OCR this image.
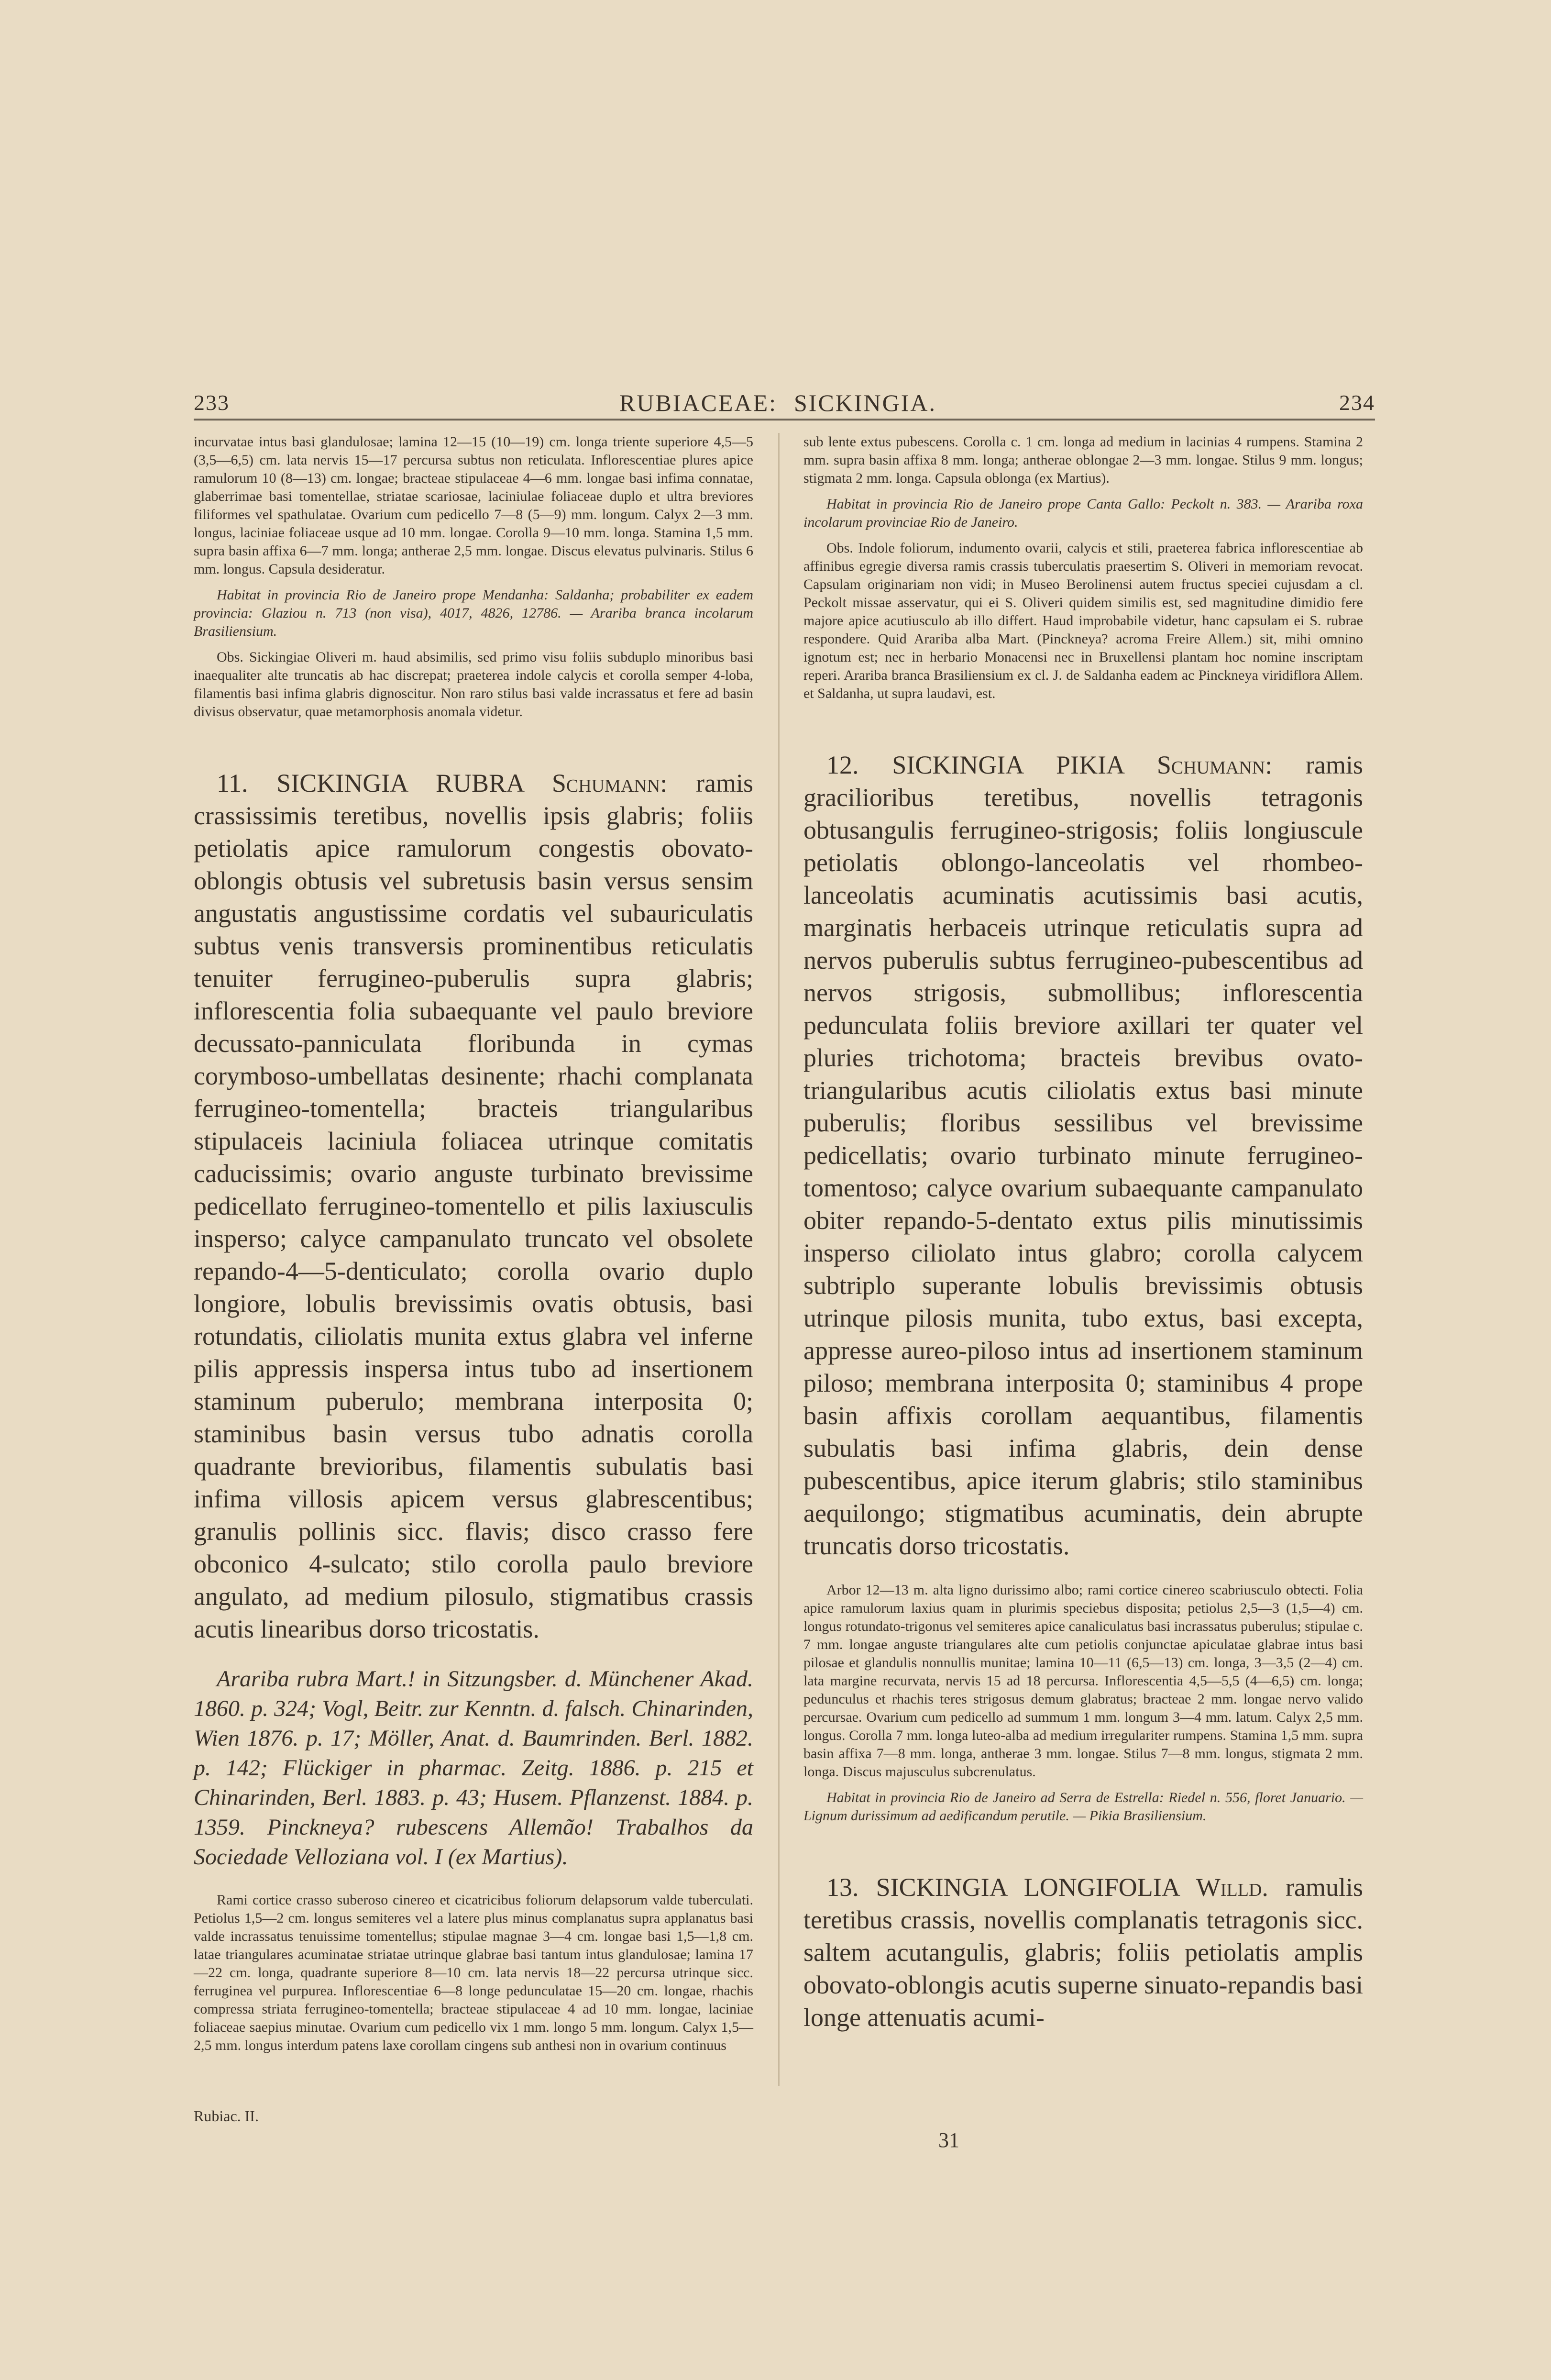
233	RUBIACEAE: SICKINGIA.	234

incurvatae intus basi glandulosae; lamina 12—15 (10—19) cm. longa triente superiore 4,5—5 (3,5—6,5) cm. lata nervis 15—17 percursa subtus non reticulata. Inflorescentiae plures apice ramulorum 10 (8—13) cm. longae; bracteae stipulaceae 4—6 mm. longae basi infima connatae, glaberrimae basi tomentellae, striatae scariosae, laciniulae foliaceae duplo et ultra breviores filiformes vel spathulatae. Ovarium cum pedicello 7—8 (5—9) mm. longum. Calyx 2—3 mm. longus, laciniae foliaceae usque ad 10 mm. longae. Corolla 9—10 mm. longa. Stamina 1,5 mm. supra basin affixa 6—7 mm. longa; antherae 2,5 mm. longae. Discus elevatus pulvinaris. Stilus 6 mm. longus. Capsula desideratur.

Habitat in provincia Rio de Janeiro prope Mendanha: Saldanha; probabiliter ex eadem provincia: Glaziou n. 713 (non visa), 4017, 4826, 12786. — Arariba branca incolarum Brasiliensium.

Obs. Sickingiae Oliveri m. haud absimilis, sed primo visu foliis subduplo minoribus basi inaequaliter alte truncatis ab hac discrepat; praeterea indole calycis et corolla semper 4-loba, filamentis basi infima glabris dignoscitur. Non raro stilus basi valde incrassatus et fere ad basin divisus observatur, quae metamorphosis anomala videtur.

11. SICKINGIA RUBRA Schumann: ramis crassissimis teretibus, novellis ipsis glabris; foliis petiolatis apice ramulorum congestis obovato-oblongis obtusis vel subretusis basin versus sensim angustatis angustissime cordatis vel subauriculatis subtus venis transversis prominentibus reticulatis tenuiter ferrugineo-puberulis supra glabris; inflorescentia folia subaequante vel paulo breviore decussato-panniculata floribunda in cymas corymboso-umbellatas desinente; rhachi complanata ferrugineo-tomentella; bracteis triangularibus stipulaceis laciniula foliacea utrinque comitatis caducissimis; ovario anguste turbinato brevissime pedicellato ferrugineo-tomentello et pilis laxiusculis insperso; calyce campanulato truncato vel obsolete repando-4—5-denticulato; corolla ovario duplo longiore, lobulis brevissimis ovatis obtusis, basi rotundatis, ciliolatis munita extus glabra vel inferne pilis appressis inspersa intus tubo ad insertionem staminum puberulo; membrana interposita 0; staminibus basin versus tubo adnatis corolla quadrante brevioribus, filamentis subulatis basi infima villosis apicem versus glabrescentibus; granulis pollinis sicc. flavis; disco crasso fere obconico 4-sulcato; stilo corolla paulo breviore angulato, ad medium pilosulo, stigmatibus crassis acutis linearibus dorso tricostatis.

Arariba rubra Mart.! in Sitzungsber. d. Münchener Akad. 1860. p. 324; Vogl, Beitr. zur Kenntn. d. falsch. Chinarinden, Wien 1876. p. 17; Möller, Anat. d. Baumrinden. Berl. 1882. p. 142; Flückiger in pharmac. Zeitg. 1886. p. 215 et Chinarinden, Berl. 1883. p. 43; Husem. Pflanzenst. 1884. p. 1359. Pinckneya? rubescens Allemão! Trabalhos da Sociedade Velloziana vol. I (ex Martius).

Rami cortice crasso suberoso cinereo et cicatricibus foliorum delapsorum valde tuberculati. Petiolus 1,5—2 cm. longus semiteres vel a latere plus minus complanatus supra applanatus basi valde incrassatus tenuissime tomentellus; stipulae magnae 3—4 cm. longae basi 1,5—1,8 cm. latae triangulares acuminatae striatae utrinque glabrae basi tantum intus glandulosae; lamina 17—22 cm. longa, quadrante superiore 8—10 cm. lata nervis 18—22 percursa utrinque sicc. ferruginea vel purpurea. Inflorescentiae 6—8 longe pedunculatae 15—20 cm. longae, rhachis compressa striata ferrugineo-tomentella; bracteae stipulaceae 4 ad 10 mm. longae, laciniae foliaceae saepius minutae. Ovarium cum pedicello vix 1 mm. longo 5 mm. longum. Calyx 1,5—2,5 mm. longus interdum patens laxe corollam cingens sub anthesi non in ovarium continuus

sub lente extus pubescens. Corolla c. 1 cm. longa ad medium in lacinias 4 rumpens. Stamina 2 mm. supra basin affixa 8 mm. longa; antherae oblongae 2—3 mm. longae. Stilus 9 mm. longus; stigmata 2 mm. longa. Capsula oblonga (ex Martius).

Habitat in provincia Rio de Janeiro prope Canta Gallo: Peckolt n. 383. — Arariba roxa incolarum provinciae Rio de Janeiro.

Obs. Indole foliorum, indumento ovarii, calycis et stili, praeterea fabrica inflorescentiae ab affinibus egregie diversa ramis crassis tuberculatis praesertim S. Oliveri in memoriam revocat. Capsulam originariam non vidi; in Museo Berolinensi autem fructus speciei cujusdam a cl. Peckolt missae asservatur, qui ei S. Oliveri quidem similis est, sed magnitudine dimidio fere majore apice acutiusculo ab illo differt. Haud improbabile videtur, hanc capsulam ei S. rubrae respondere. Quid Arariba alba Mart. (Pinckneya? acroma Freire Allem.) sit, mihi omnino ignotum est; nec in herbario Monacensi nec in Bruxellensi plantam hoc nomine inscriptam reperi. Arariba branca Brasiliensium ex cl. J. de Saldanha eadem ac Pinckneya viridiflora Allem. et Saldanha, ut supra laudavi, est.

12. SICKINGIA PIKIA Schumann: ramis gracilioribus teretibus, novellis tetragonis obtusangulis ferrugineo-strigosis; foliis longiuscule petiolatis oblongo-lanceolatis vel rhombeo-lanceolatis acuminatis acutissimis basi acutis, marginatis herbaceis utrinque reticulatis supra ad nervos puberulis subtus ferrugineo-pubescentibus ad nervos strigosis, submollibus; inflorescentia pedunculata foliis breviore axillari ter quater vel pluries trichotoma; bracteis brevibus ovato-triangularibus acutis ciliolatis extus basi minute puberulis; floribus sessilibus vel brevissime pedicellatis; ovario turbinato minute ferrugineo-tomentoso; calyce ovarium subaequante campanulato obiter repando-5-dentato extus pilis minutissimis insperso ciliolato intus glabro; corolla calycem subtriplo superante lobulis brevissimis obtusis utrinque pilosis munita, tubo extus, basi excepta, appresse aureo-piloso intus ad insertionem staminum piloso; membrana interposita 0; staminibus 4 prope basin affixis corollam aequantibus, filamentis subulatis basi infima glabris, dein dense pubescentibus, apice iterum glabris; stilo staminibus aequilongo; stigmatibus acuminatis, dein abrupte truncatis dorso tricostatis.

Arbor 12—13 m. alta ligno durissimo albo; rami cortice cinereo scabriusculo obtecti. Folia apice ramulorum laxius quam in plurimis speciebus disposita; petiolus 2,5—3 (1,5—4) cm. longus rotundato-trigonus vel semiteres apice canaliculatus basi incrassatus puberulus; stipulae c. 7 mm. longae anguste triangulares alte cum petiolis conjunctae apiculatae glabrae intus basi pilosae et glandulis nonnullis munitae; lamina 10—11 (6,5—13) cm. longa, 3—3,5 (2—4) cm. lata margine recurvata, nervis 15 ad 18 percursa. Inflorescentia 4,5—5,5 (4—6,5) cm. longa; pedunculus et rhachis teres strigosus demum glabratus; bracteae 2 mm. longae nervo valido percursae. Ovarium cum pedicello ad summum 1 mm. longum 3—4 mm. latum. Calyx 2,5 mm. longus. Corolla 7 mm. longa luteo-alba ad medium irregulariter rumpens. Stamina 1,5 mm. supra basin affixa 7—8 mm. longa, antherae 3 mm. longae. Stilus 7—8 mm. longus, stigmata 2 mm. longa. Discus majusculus subcrenulatus.

Habitat in provincia Rio de Janeiro ad Serra de Estrella: Riedel n. 556, floret Januario. — Lignum durissimum ad aedificandum perutile. — Pikia Brasiliensium.

13. SICKINGIA LONGIFOLIA Willd. ramulis teretibus crassis, novellis complanatis tetragonis sicc. saltem acutangulis, glabris; foliis petiolatis amplis obovato-oblongis acutis superne sinuato-repandis basi longe attenuatis acumi-

Rubiac. II.
31
